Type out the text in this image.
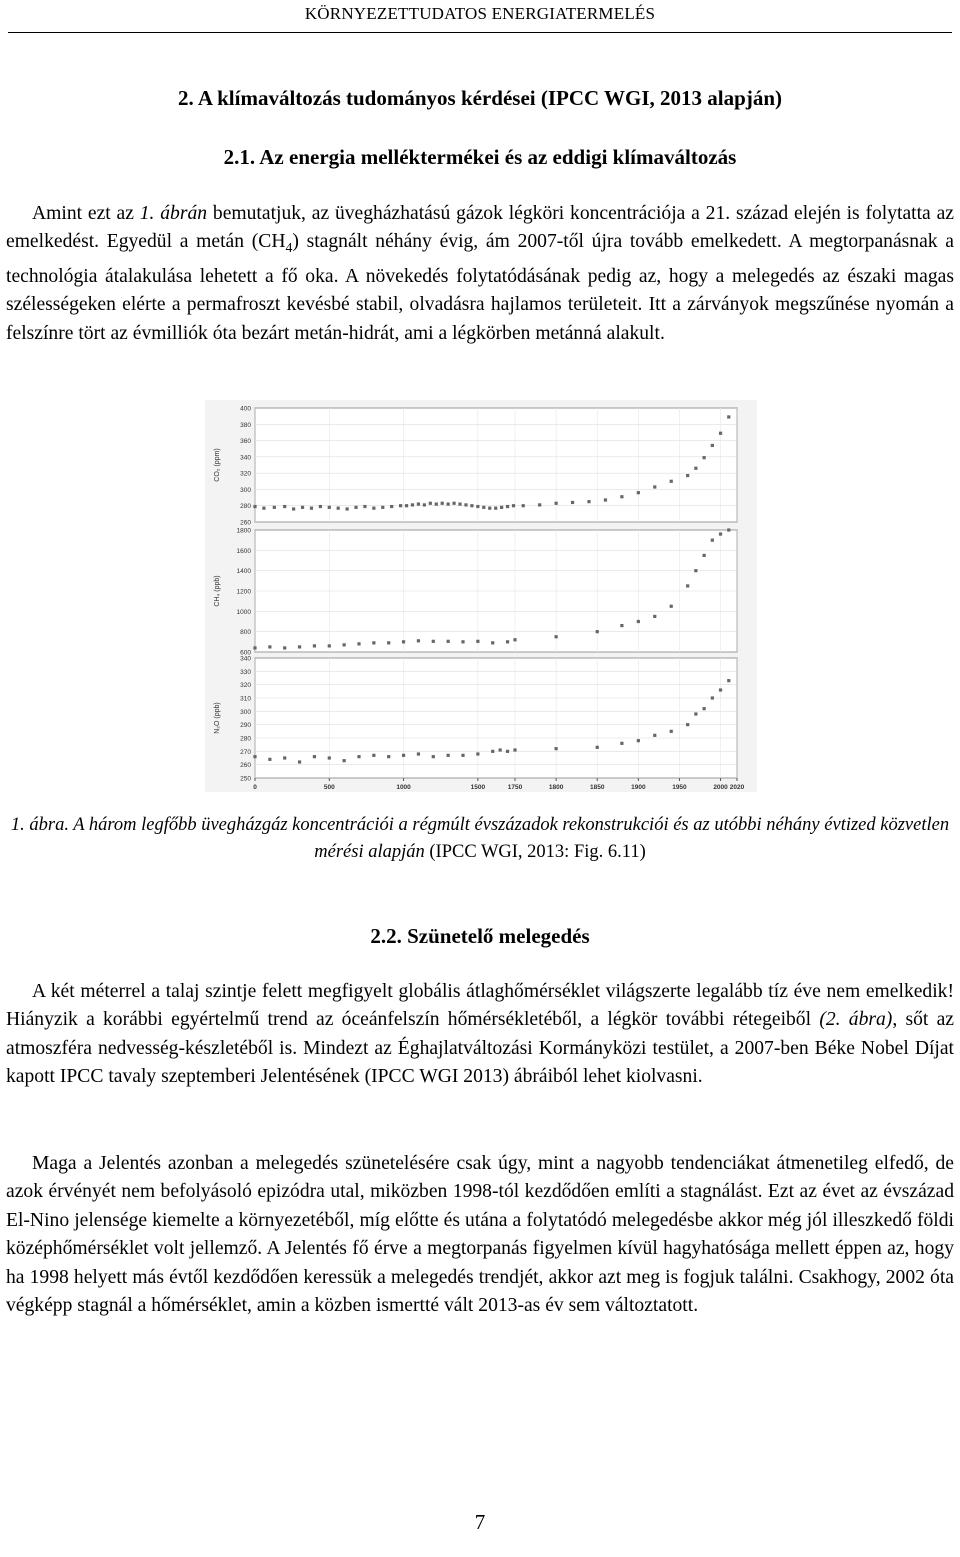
KÖRNYEZETTUDATOS ENERGIATERMELÉS
2. A klímaváltozás tudományos kérdései (IPCC WGI, 2013 alapján)
2.1. Az energia melléktermékei és az eddigi klímaváltozás

Amint ezt az 1. ábrán bemutatjuk, az üvegházhatású gázok légköri koncentrációja a 21. század elején is folytatta az emelkedést. Egyedül a metán $(CH_4)$ stagnált néhány évig, ám 2007-től újra tovább emelkedett. A megtorpanásnak a technológia átalakulása lehetett a fő oka. A növekedés folytatódásának pedig az, hogy a melegedés az északi magas szélességeken elérte a permafroszt kevésbé stabil, olvadásra hajlamos területeit. Itt a zárványok megszűnése nyomán a felszínre tört az évmilliók óta bezárt metán-hidrát, ami a légkörben metánná alakult.

260
280
300
320
340
360
380
400
CO₂ (ppm)
600
800
1000
1200
1400
1600
1800
CH₄ (ppb)
250
260
270
280
290
300
310
320
330
340
N₂O (ppb)
0	500	1000	1500	1750	1800	1850	1900	1950	2000 2020
1. ábra. A három legfőbb üvegházgáz koncentrációi a régmúlt évszázadok rekonstrukciói és az utóbbi néhány évtized közvetlen mérési alapján (IPCC WGI, 2013: Fig. 6.11)
2.2. Szünetelő melegedés

A két méterrel a talaj szintje felett megfigyelt globális átlaghőmérséklet világszerte legalább tíz éve nem emelkedik! Hiányzik a korábbi egyértelmű trend az óceánfelszín hőmérsékletéből, a légkör további rétegeiből (2. ábra), sőt az atmoszféra nedvesség-készletéből is. Mindezt az Éghajlatváltozási Kormányközi testület, a 2007-ben Béke Nobel Díjat kapott IPCC tavaly szeptemberi Jelentésének (IPCC WGI 2013) ábráiból lehet kiolvasni.

Maga a Jelentés azonban a melegedés szünetelésére csak úgy, mint a nagyobb tendenciákat átmenetileg elfedő, de azok érvényét nem befolyásoló epizódra utal, miközben 1998-tól kezdődően említi a stagnálást. Ezt az évet az évszázad El-Nino jelensége kiemelte a környezetéből, míg előtte és utána a folytatódó melegedésbe akkor még jól illeszkedő földi középhőmérséklet volt jellemző. A Jelentés fő érve a megtorpanás figyelmen kívül hagyhatósága mellett éppen az, hogy ha 1998 helyett más évtől kezdődően keressük a melegedés trendjét, akkor azt meg is fogjuk találni. Csakhogy, 2002 óta végképp stagnál a hőmérséklet, amin a közben ismertté vált 2013-as év sem változtatott.

7
